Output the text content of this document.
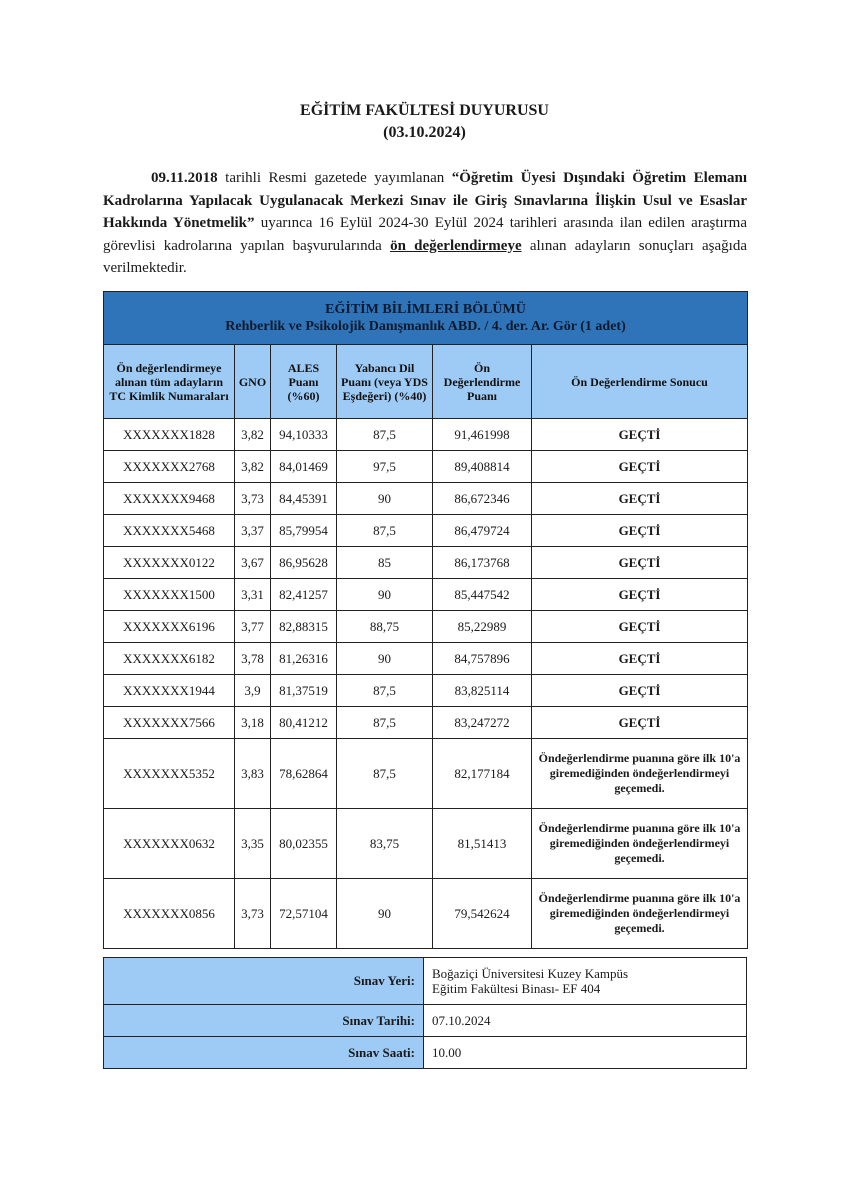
EĞİTİM FAKÜLTESİ DUYURUSU
(03.10.2024)
09.11.2018 tarihli Resmi gazetede yayımlanan “Öğretim Üyesi Dışındaki Öğretim Elemanı Kadrolarına Yapılacak Uygulanacak Merkezi Sınav ile Giriş Sınavlarına İlişkin Usul ve Esaslar Hakkında Yönetmelik” uyarınca 16 Eylül 2024-30 Eylül 2024 tarihleri arasında ilan edilen araştırma görevlisi kadrolarına yapılan başvurularında ön değerlendirmeye alınan adayların sonuçları aşağıda verilmektedir.
EĞİTİM BİLİMLERİ BÖLÜMÜ
Rehberlik ve Psikolojik Danışmanlık ABD. / 4. der. Ar. Gör (1 adet)					

Ön değerlendirmeye alınan tüm adayların TC Kimlik Numaraları	GNO	ALES Puanı (%60)	Yabancı Dil Puanı (veya YDS Eşdeğeri) (%40)	Ön Değerlendirme Puanı	Ön Değerlendirme Sonucu
XXXXXXX1828	3,82	94,10333	87,5	91,461998	GEÇTİ
XXXXXXX2768	3,82	84,01469	97,5	89,408814	GEÇTİ
XXXXXXX9468	3,73	84,45391	90	86,672346	GEÇTİ
XXXXXXX5468	3,37	85,79954	87,5	86,479724	GEÇTİ
XXXXXXX0122	3,67	86,95628	85	86,173768	GEÇTİ
XXXXXXX1500	3,31	82,41257	90	85,447542	GEÇTİ
XXXXXXX6196	3,77	82,88315	88,75	85,22989	GEÇTİ
XXXXXXX6182	3,78	81,26316	90	84,757896	GEÇTİ
XXXXXXX1944	3,9	81,37519	87,5	83,825114	GEÇTİ
XXXXXXX7566	3,18	80,41212	87,5	83,247272	GEÇTİ
XXXXXXX5352	3,83	78,62864	87,5	82,177184	Öndeğerlendirme puanına göre ilk 10'a giremediğinden öndeğerlendirmeyi geçemedi.
XXXXXXX0632	3,35	80,02355	83,75	81,51413	Öndeğerlendirme puanına göre ilk 10'a giremediğinden öndeğerlendirmeyi geçemedi.
XXXXXXX0856	3,73	72,57104	90	79,542624	Öndeğerlendirme puanına göre ilk 10'a giremediğinden öndeğerlendirmeyi geçemedi.
Sınav Yeri:	Boğaziçi Üniversitesi Kuzey Kampüs
Eğitim Fakültesi Binası- EF 404

Sınav Tarihi:	07.10.2024
Sınav Saati:	10.00
